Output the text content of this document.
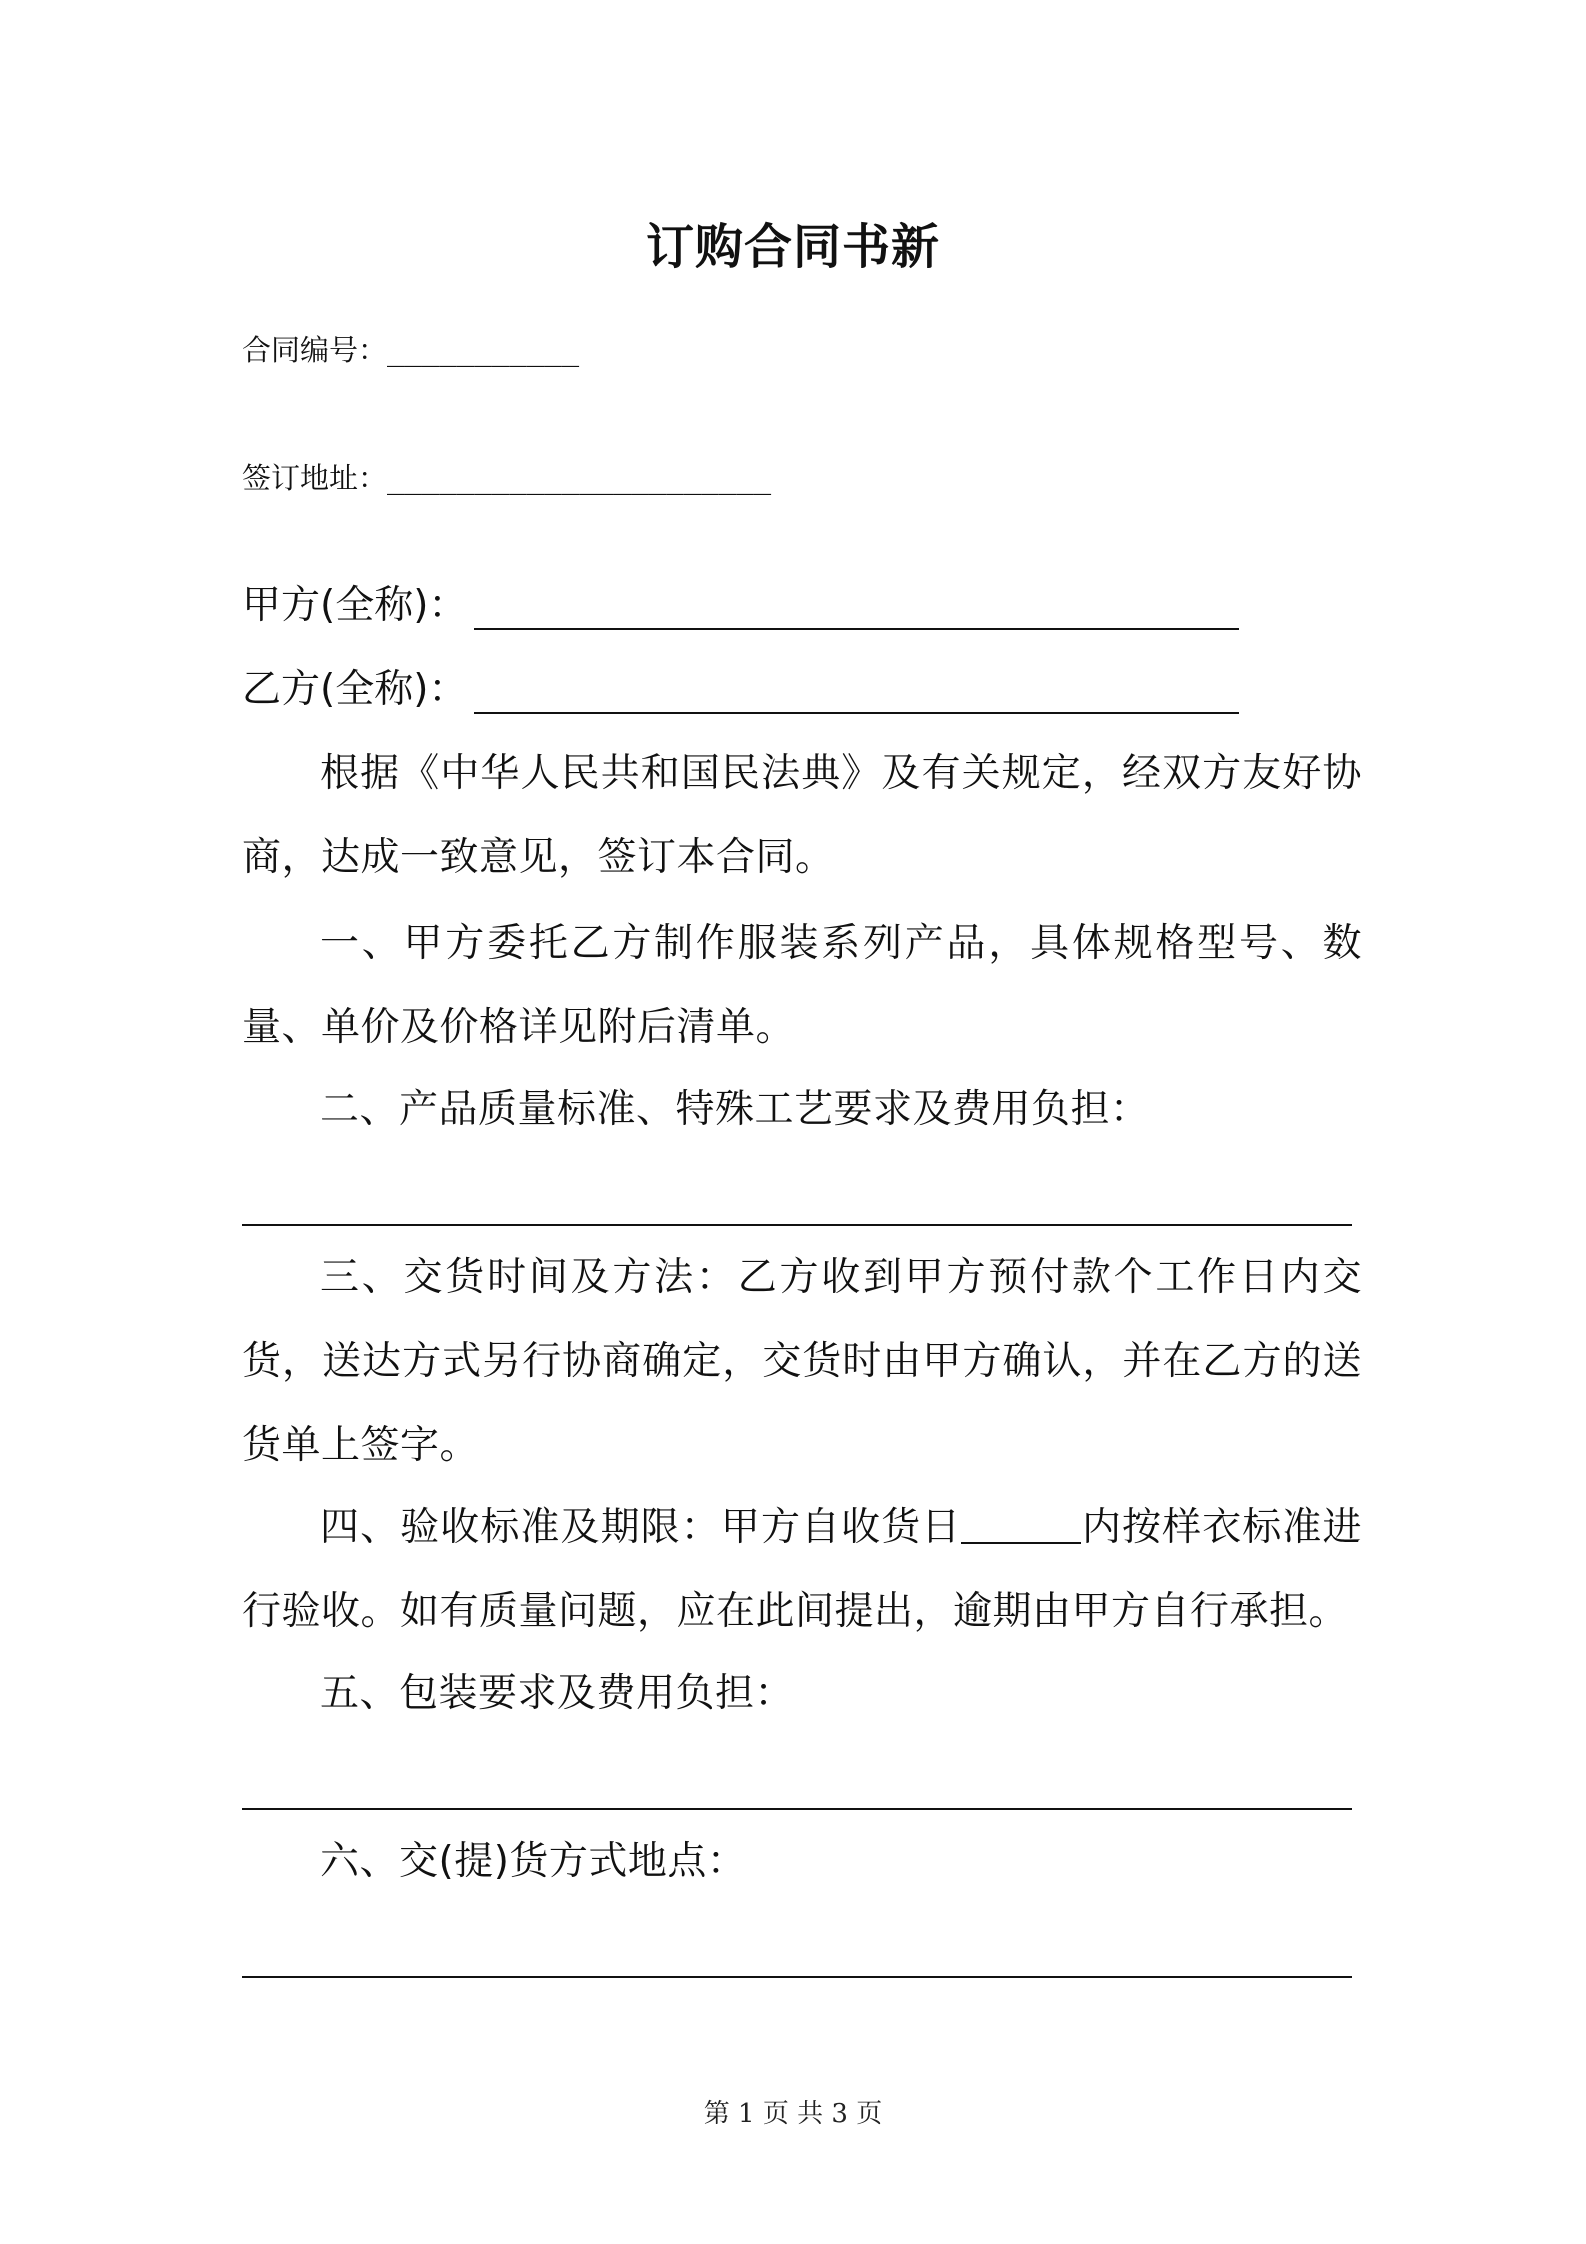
订购合同书新
合同编号：___________
签订地址：______________________
甲方(全称)：
乙方(全称)：
根据《中华人民共和国民法典》及有关规定，经双方友好协商，达成一致意见，签订本合同。
一、甲方委托乙方制作服装系列产品，具体规格型号、数量、单价及价格详见附后清单。
二、产品质量标准、特殊工艺要求及费用负担：
三、交货时间及方法：乙方收到甲方预付款个工作日内交货，送达方式另行协商确定，交货时由甲方确认，并在乙方的送货单上签字。
四、验收标准及期限：甲方自收货日	内按样衣标准进行验收。如有质量问题，应在此间提出，逾期由甲方自行承担。
五、包装要求及费用负担：
六、交(提)货方式地点：
第 1 页 共 3 页
